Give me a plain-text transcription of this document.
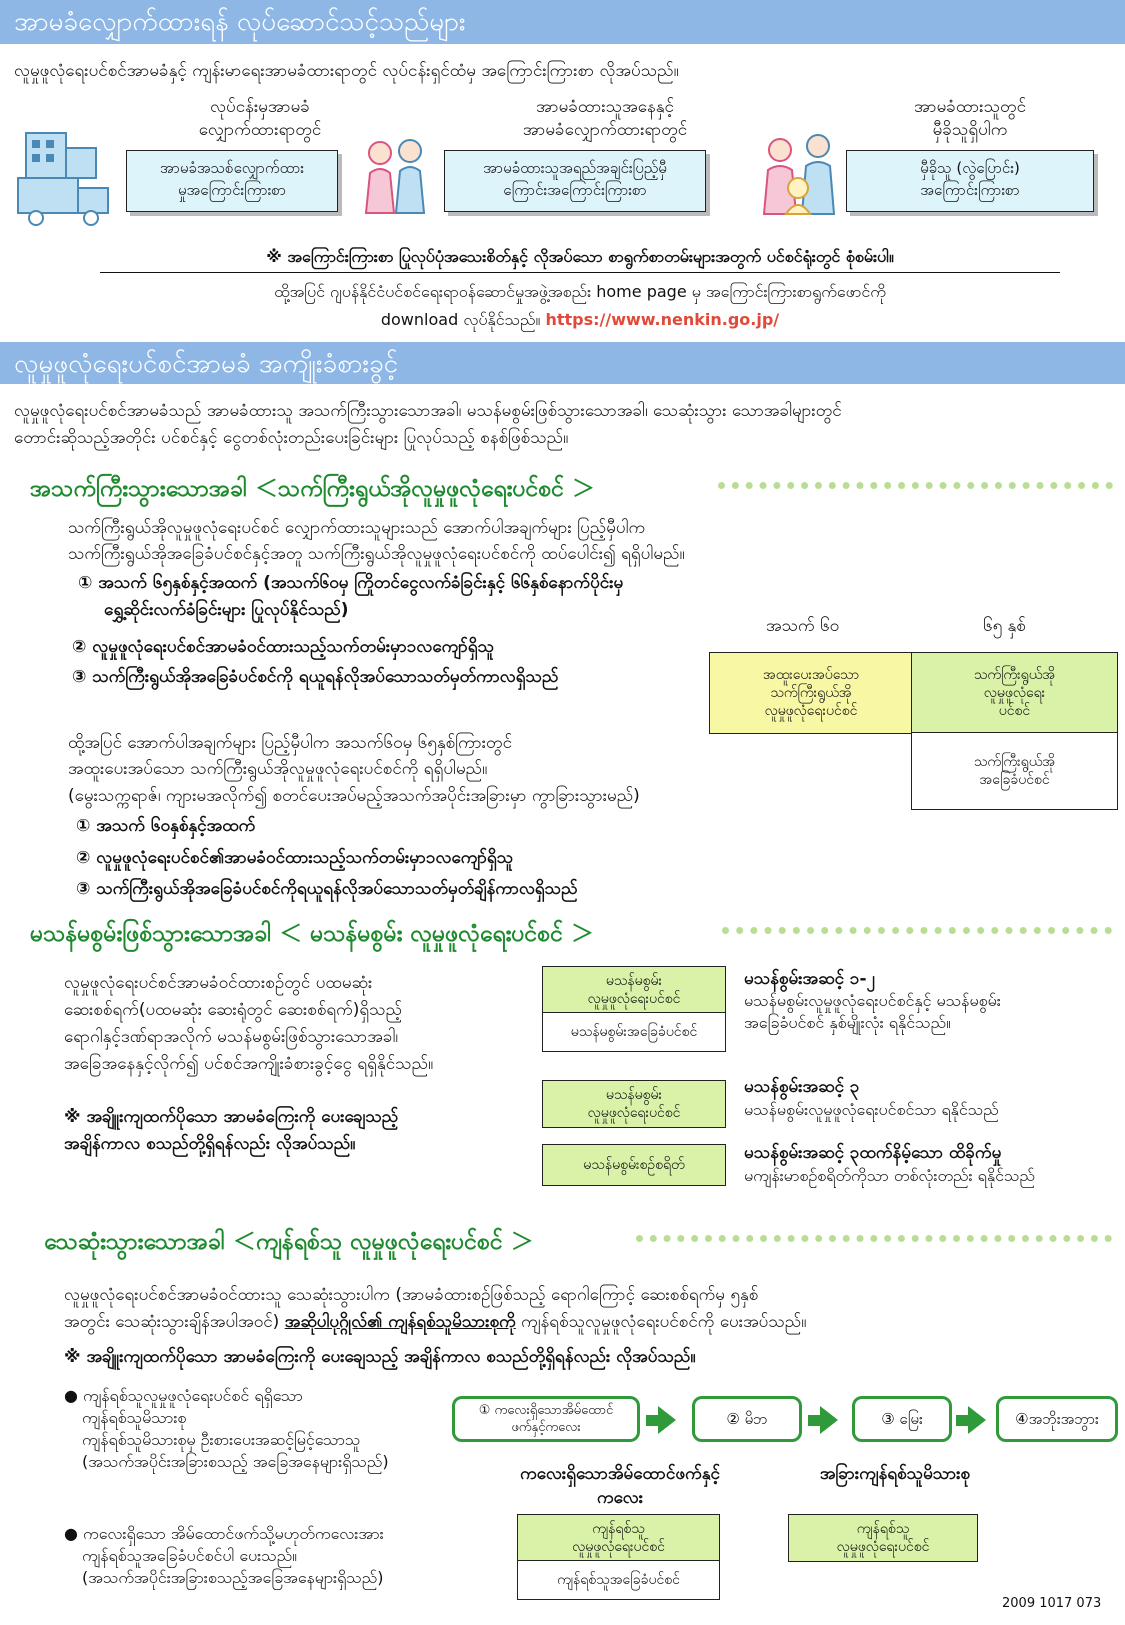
အာမခံလျှောက်ထားရန် လုပ်ဆောင်သင့်သည်များ
လူမှုဖူလုံရေးပင်စင်အာမခံနှင့် ကျန်းမာရေးအာမခံထားရာတွင် လုပ်ငန်းရှင်ထံမှ အကြောင်းကြားစာ လိုအပ်သည်။
လုပ်ငန်းမှအာမခံ
လျှောက်ထားရာတွင်
အာမခံအသစ်လျှောက်ထား
မှုအကြောင်းကြားစာ
အာမခံထားသူအနေနှင့်
အာမခံလျှောက်ထားရာတွင်
အာမခံထားသူအရည်အချင်းပြည့်မှီ
ကြောင်းအကြောင်းကြားစာ
အာမခံထားသူတွင်
မှီခိုသူရှိပါက
မှီခိုသူ (လွဲပြောင်း)
အကြောင်းကြားစာ
※ အကြောင်းကြားစာ ပြုလုပ်ပုံအသေးစိတ်နှင့် လိုအပ်သော စာရွက်စာတမ်းများအတွက် ပင်စင်ရုံးတွင် စုံစမ်းပါ။
ထို့အပြင် ဂျပန်နိုင်ငံပင်စင်ရေးရာဝန်ဆောင်မှုအဖွဲ့အစည်း home page မှ အကြောင်းကြားစာရွက်ဖောင်ကို
download လုပ်နိုင်သည်။ https://www.nenkin.go.jp/
လူမှုဖူလုံရေးပင်စင်အာမခံ အကျိုးခံစားခွင့်
လူမှုဖူလုံရေးပင်စင်အာမခံသည် အာမခံထားသူ အသက်ကြီးသွားသောအခါ၊ မသန်မစွမ်းဖြစ်သွားသောအခါ၊ သေဆုံးသွား သောအခါများတွင်
တောင်းဆိုသည့်အတိုင်း ပင်စင်နှင့် ငွေတစ်လုံးတည်းပေးခြင်းများ ပြုလုပ်သည့် စနစ်ဖြစ်သည်။
အသက်ကြီးသွားသောအခါ ＜သက်ကြီးရွယ်အိုလူမှုဖူလုံရေးပင်စင် ＞
သက်ကြီးရွယ်အိုလူမှုဖူလုံရေးပင်စင် လျှောက်ထားသူများသည် အောက်ပါအချက်များ ပြည့်မှီပါက
သက်ကြီးရွယ်အိုအခြေခံပင်စင်နှင့်အတူ သက်ကြီးရွယ်အိုလူမှုဖူလုံရေးပင်စင်ကို ထပ်ပေါင်း၍ ရရှိပါမည်။
① အသက် ၆၅နှစ်နှင့်အထက် (အသက်၆၀မှ ကြိုတင်ငွေလက်ခံခြင်းနှင့် ၆၆နှစ်နောက်ပိုင်းမှ
ရွှေ့ဆိုင်းလက်ခံခြင်းများ ပြုလုပ်နိုင်သည်)
② လူမှုဖူလုံရေးပင်စင်အာမခံဝင်ထားသည့်သက်တမ်းမှာ၁လကျော်ရှိသူ
③ သက်ကြီးရွယ်အိုအခြေခံပင်စင်ကို ရယူရန်လိုအပ်သောသတ်မှတ်ကာလရှိသည်
အသက် ၆၀	၆၅ နှစ်
အထူးပေးအပ်သော
သက်ကြီးရွယ်အို
လူမှုဖူလုံရေးပင်စင်
သက်ကြီးရွယ်အို
လူမှုဖူလုံရေး
ပင်စင်
သက်ကြီးရွယ်အို
အခြေခံပင်စင်
ထို့အပြင် အောက်ပါအချက်များ ပြည့်မှီပါက အသက်၆၀မှ ၆၅နှစ်ကြားတွင်
အထူးပေးအပ်သော သက်ကြီးရွယ်အိုလူမှုဖူလုံရေးပင်စင်ကို ရရှိပါမည်။
(မွေးသက္ကရာဇ်၊ ကျားမအလိုက်၍ စတင်ပေးအပ်မည့်အသက်အပိုင်းအခြားမှာ ကွာခြားသွားမည်)
① အသက် ၆၀နှစ်နှင့်အထက်
② လူမှုဖူလုံရေးပင်စင်၏အာမခံဝင်ထားသည့်သက်တမ်းမှာ၁လကျော်ရှိသူ
③ သက်ကြီးရွယ်အိုအခြေခံပင်စင်ကိုရယူရန်လိုအပ်သောသတ်မှတ်ချိန်ကာလရှိသည်
မသန်မစွမ်းဖြစ်သွားသောအခါ ＜ မသန်မစွမ်း လူမှုဖူလုံရေးပင်စင် ＞
လူမှုဖူလုံရေးပင်စင်အာမခံဝင်ထားစဉ်တွင် ပထမဆုံး
ဆေးစစ်ရက်(ပထမဆုံး ဆေးရုံတွင် ဆေးစစ်ရက်)ရှိသည့်
ရောဂါနှင့်ဒဏ်ရာအလိုက် မသန်မစွမ်းဖြစ်သွားသောအခါ၊
အခြေအနေနှင့်လိုက်၍ ပင်စင်အကျိုးခံစားခွင့်ငွေ ရရှိနိုင်သည်။
※ အချိူးကျထက်ပိုသော အာမခံကြေးကို ပေးချေသည့်
အချိန်ကာလ စသည်တို့ရှိရန်လည်း လိုအပ်သည်။
မသန်မစွမ်း
လူမှုဖူလုံရေးပင်စင်
မသန်မစွမ်းအခြေခံပင်စင်
မသန်စွမ်းအဆင့် ၁-၂
မသန်မစွမ်းလူမှုဖူလုံရေးပင်စင်နှင့် မသန်မစွမ်း
အခြေခံပင်စင် နှစ်မျိုးလုံး ရနိုင်သည်။
မသန်မစွမ်း
လူမှုဖူလုံရေးပင်စင်
မသန်စွမ်းအဆင့် ၃
မသန်မစွမ်းလူမှုဖူလုံရေးပင်စင်သာ ရနိုင်သည်
မသန်မစွမ်းစဉ်စရိတ်
မသန်စွမ်းအဆင့် ၃ထက်နိမ့်သော ထိခိုက်မှု
မကျန်းမာစဉ်စရိတ်ကိုသာ တစ်လုံးတည်း ရနိုင်သည်
သေဆုံးသွားသောအခါ ＜ကျန်ရစ်သူ လူမှုဖူလုံရေးပင်စင် ＞
လူမှုဖူလုံရေးပင်စင်အာမခံဝင်ထားသူ သေဆုံးသွားပါက (အာမခံထားစဉ်ဖြစ်သည့် ရောဂါကြောင့် ဆေးစစ်ရက်မှ ၅နှစ်
အတွင်း သေဆုံးသွားချိန်အပါအဝင်) အဆိုပါပုဂ္ဂိုလ်၏ ကျန်ရစ်သူမိသားစုကို ကျန်ရစ်သူလူမှုဖူလုံရေးပင်စင်ကို ပေးအပ်သည်။
※ အချိူးကျထက်ပိုသော အာမခံကြေးကို ပေးချေသည့် အချိန်ကာလ စသည်တို့ရှိရန်လည်း လိုအပ်သည်။
● ကျန်ရစ်သူလူမှုဖူလုံရေးပင်စင် ရရှိသော
ကျန်ရစ်သူမိသားစု
ကျန်ရစ်သူမိသားစုမှ ဦးစားပေးအဆင့်မြင့်သောသူ
(အသက်အပိုင်းအခြားစသည့် အခြေအနေများရှိသည်)
● ကလေးရှိသော အိမ်ထောင်ဖက်သို့မဟုတ်ကလေးအား
ကျန်ရစ်သူအခြေခံပင်စင်ပါ ပေးသည်။
(အသက်အပိုင်းအခြားစသည့်အခြေအနေများရှိသည်)
① ကလေးရှိသောအိမ်ထောင်
ဖက်နှင့်ကလေး	② မိဘ	③ မြေး	④အဘိုးအဘွား
ကလေးရှိသောအိမ်ထောင်ဖက်နှင့်
ကလေး
အခြားကျန်ရစ်သူမိသားစု
ကျန်ရစ်သူ
လူမှုဖူလုံရေးပင်စင်
ကျန်ရစ်သူအခြေခံပင်စင်
ကျန်ရစ်သူ
လူမှုဖူလုံရေးပင်စင်
2009 1017 073
